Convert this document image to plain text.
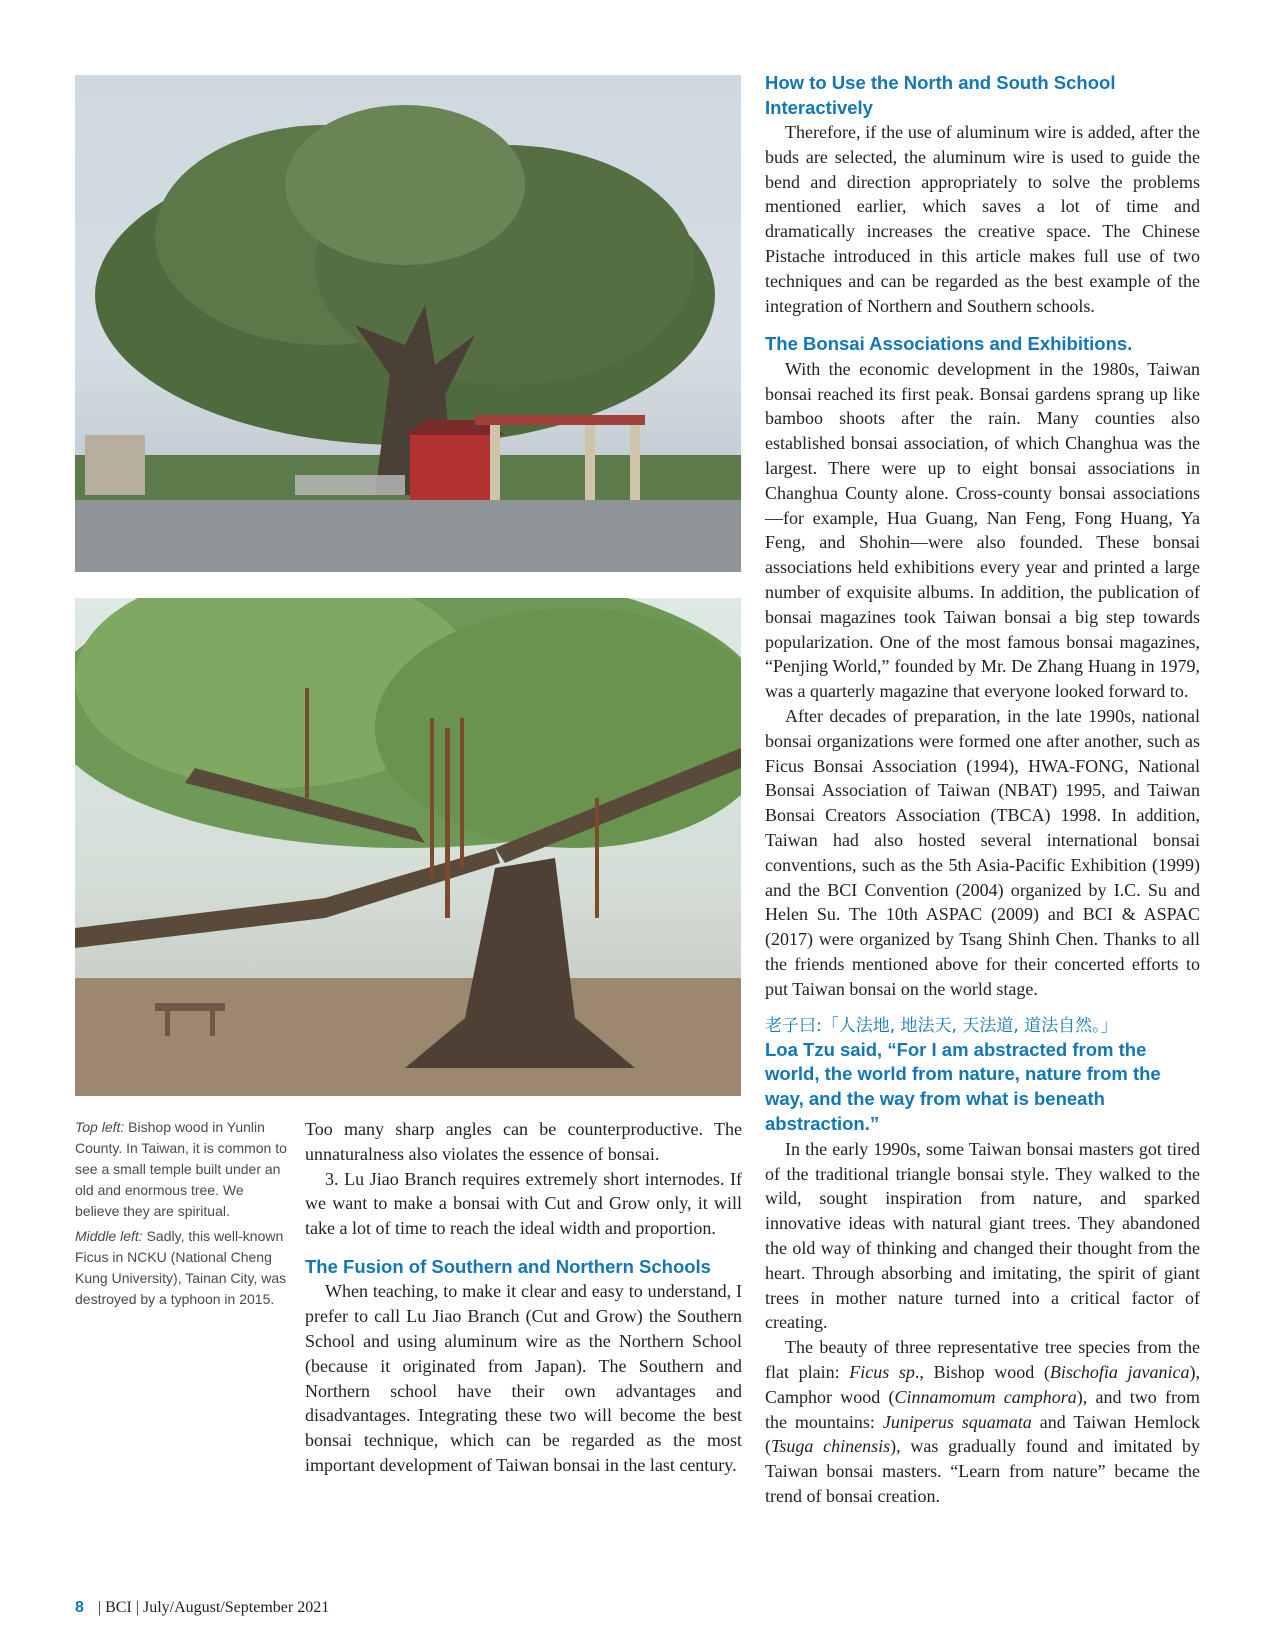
Top left: Bishop wood in Yunlin County. In Taiwan, it is common to see a small temple built under an old and enormous tree. We believe they are spiritual.

Middle left: Sadly, this well-known Ficus in NCKU (National Cheng Kung University), Tainan City, was destroyed by a typhoon in 2015.

Too many sharp angles can be counterproductive. The unnaturalness also violates the essence of bonsai.

3. Lu Jiao Branch requires extremely short internodes. If we want to make a bonsai with Cut and Grow only, it will take a lot of time to reach the ideal width and proportion.

The Fusion of Southern and Northern Schools

When teaching, to make it clear and easy to understand, I prefer to call Lu Jiao Branch (Cut and Grow) the Southern School and using aluminum wire as the Northern School (because it originated from Japan). The Southern and Northern school have their own advantages and disadvantages. Integrating these two will become the best bonsai technique, which can be regarded as the most important development of Taiwan bonsai in the last century.

How to Use the North and South School Interactively

Therefore, if the use of aluminum wire is added, after the buds are selected, the aluminum wire is used to guide the bend and direction appropriately to solve the problems mentioned earlier, which saves a lot of time and dramatically increases the creative space. The Chinese Pistache introduced in this article makes full use of two techniques and can be regarded as the best example of the integration of Northern and Southern schools.

The Bonsai Associations and Exhibitions.

With the economic development in the 1980s, Taiwan bonsai reached its first peak. Bonsai gardens sprang up like bamboo shoots after the rain. Many counties also established bonsai association, of which Changhua was the largest. There were up to eight bonsai associations in Changhua County alone. Cross-county bonsai associations—for example, Hua Guang, Nan Feng, Fong Huang, Ya Feng, and Shohin—were also founded. These bonsai associations held exhibitions every year and printed a large number of exquisite albums. In addition, the publication of bonsai magazines took Taiwan bonsai a big step towards popularization. One of the most famous bonsai magazines, “Penjing World,” founded by Mr. De Zhang Huang in 1979, was a quarterly magazine that everyone looked forward to.

After decades of preparation, in the late 1990s, national bonsai organizations were formed one after another, such as Ficus Bonsai Association (1994), HWA-FONG, National Bonsai Association of Taiwan (NBAT) 1995, and Taiwan Bonsai Creators Association (TBCA) 1998. In addition, Taiwan had also hosted several international bonsai conventions, such as the 5th Asia-Pacific Exhibition (1999) and the BCI Convention (2004) organized by I.C. Su and Helen Su. The 10th ASPAC (2009) and BCI & ASPAC (2017) were organized by Tsang Shinh Chen. Thanks to all the friends mentioned above for their concerted efforts to put Taiwan bonsai on the world stage.

老子曰:「人法地, 地法天, 天法道, 道法自然。」
Loa Tzu said, “For I am abstracted from the world, the world from nature, nature from the way, and the way from what is beneath abstraction.”

In the early 1990s, some Taiwan bonsai masters got tired of the traditional triangle bonsai style. They walked to the wild, sought inspiration from nature, and sparked innovative ideas with natural giant trees. They abandoned the old way of thinking and changed their thought from the heart. Through absorbing and imitating, the spirit of giant trees in mother nature turned into a critical factor of creating.

The beauty of three representative tree species from the flat plain: Ficus sp., Bishop wood (Bischofia javanica), Camphor wood (Cinnamomum camphora), and two from the mountains: Juniperus squamata and Taiwan Hemlock (Tsuga chinensis), was gradually found and imitated by Taiwan bonsai masters. “Learn from nature” became the trend of bonsai creation.

8 | BCI | July/August/September 2021
